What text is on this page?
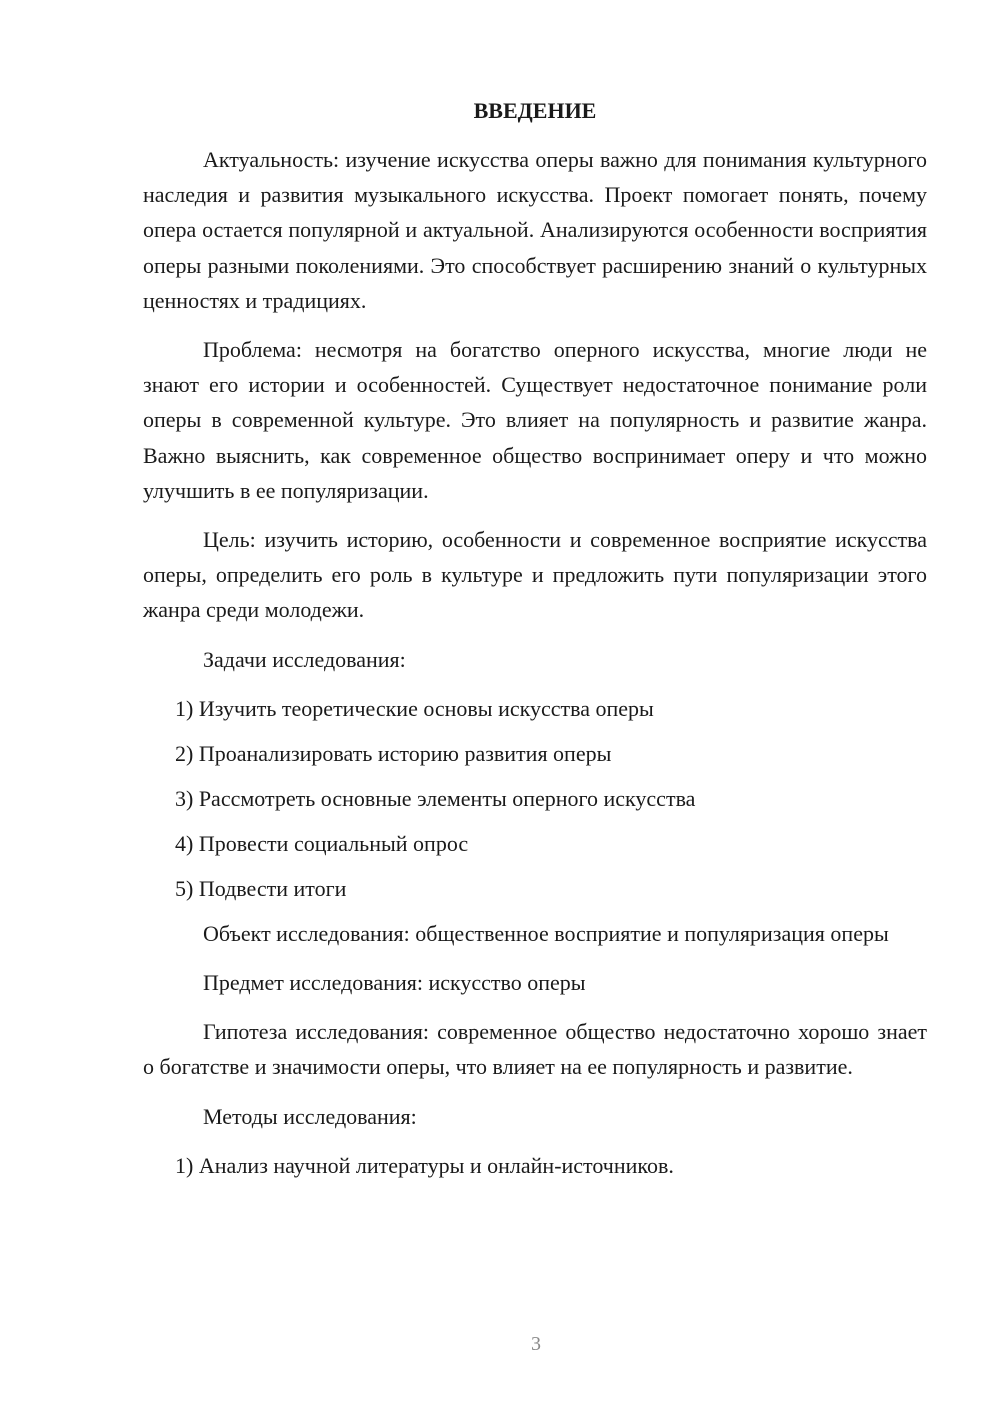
ВВЕДЕНИЕ

Актуальность: изучение искусства оперы важно для понимания культурного наследия и развития музыкального искусства. Проект помогает понять, почему опера остается популярной и актуальной. Анализируются особенности восприятия оперы разными поколениями. Это способствует расширению знаний о культурных ценностях и традициях.

Проблема: несмотря на богатство оперного искусства, многие люди не знают его истории и особенностей. Существует недостаточное понимание роли оперы в современной культуре. Это влияет на популярность и развитие жанра. Важно выяснить, как современное общество воспринимает оперу и что можно улучшить в ее популяризации.

Цель: изучить историю, особенности и современное восприятие искусства оперы, определить его роль в культуре и предложить пути популяризации этого жанра среди молодежи.

Задачи исследования:

1) Изучить теоретические основы искусства оперы

2) Проанализировать историю развития оперы

3) Рассмотреть основные элементы оперного искусства

4) Провести социальный опрос

5) Подвести итоги

Объект исследования: общественное восприятие и популяризация оперы

Предмет исследования: искусство оперы

Гипотеза исследования: современное общество недостаточно хорошо знает о богатстве и значимости оперы, что влияет на ее популярность и развитие.

Методы исследования:

1) Анализ научной литературы и онлайн-источников.

3
